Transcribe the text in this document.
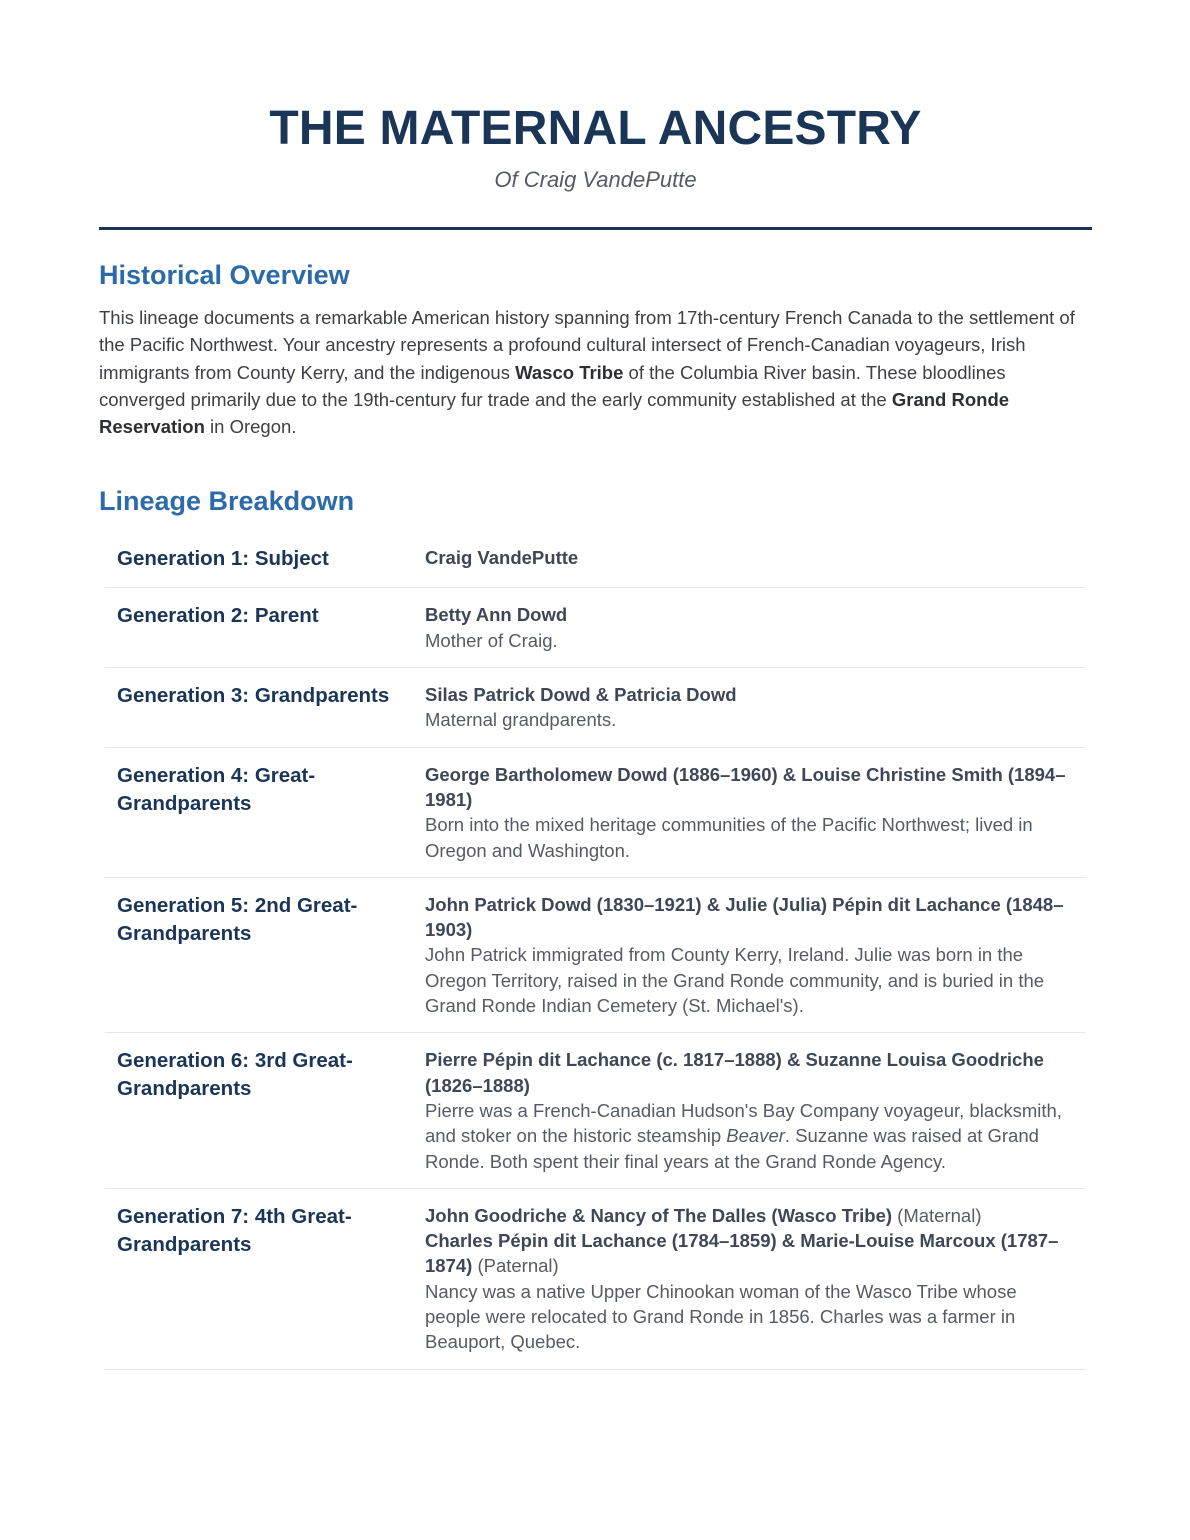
THE MATERNAL ANCESTRY
Of Craig VandePutte
Historical Overview

This lineage documents a remarkable American history spanning from 17th-century French Canada to the settlement of the Pacific Northwest. Your ancestry represents a profound cultural intersect of French-Canadian voyageurs, Irish immigrants from County Kerry, and the indigenous Wasco Tribe of the Columbia River basin. These bloodlines converged primarily due to the 19th-century fur trade and the early community established at the Grand Ronde Reservation in Oregon.

Lineage Breakdown
Generation 1: Subject	Craig VandePutte

Generation 2: Parent	Betty Ann Dowd
Mother of Craig.

Generation 3: Grandparents	Silas Patrick Dowd & Patricia Dowd
Maternal grandparents.

Generation 4: Great-Grandparents	George Bartholomew Dowd (1886–1960) & Louise Christine Smith (1894–1981)
Born into the mixed heritage communities of the Pacific Northwest; lived in Oregon and Washington.

Generation 5: 2nd Great-Grandparents	John Patrick Dowd (1830–1921) & Julie (Julia) Pépin dit Lachance (1848–1903)
John Patrick immigrated from County Kerry, Ireland. Julie was born in the Oregon Territory, raised in the Grand Ronde community, and is buried in the Grand Ronde Indian Cemetery (St. Michael's).

Generation 6: 3rd Great-Grandparents	Pierre Pépin dit Lachance (c. 1817–1888) & Suzanne Louisa Goodriche (1826–1888)
Pierre was a French-Canadian Hudson's Bay Company voyageur, blacksmith, and stoker on the historic steamship Beaver. Suzanne was raised at Grand Ronde. Both spent their final years at the Grand Ronde Agency.

Generation 7: 4th Great-Grandparents	John Goodriche & Nancy of The Dalles (Wasco Tribe) (Maternal)
Charles Pépin dit Lachance (1784–1859) & Marie-Louise Marcoux (1787–1874) (Paternal)
Nancy was a native Upper Chinookan woman of the Wasco Tribe whose people were relocated to Grand Ronde in 1856. Charles was a farmer in Beauport, Quebec.
